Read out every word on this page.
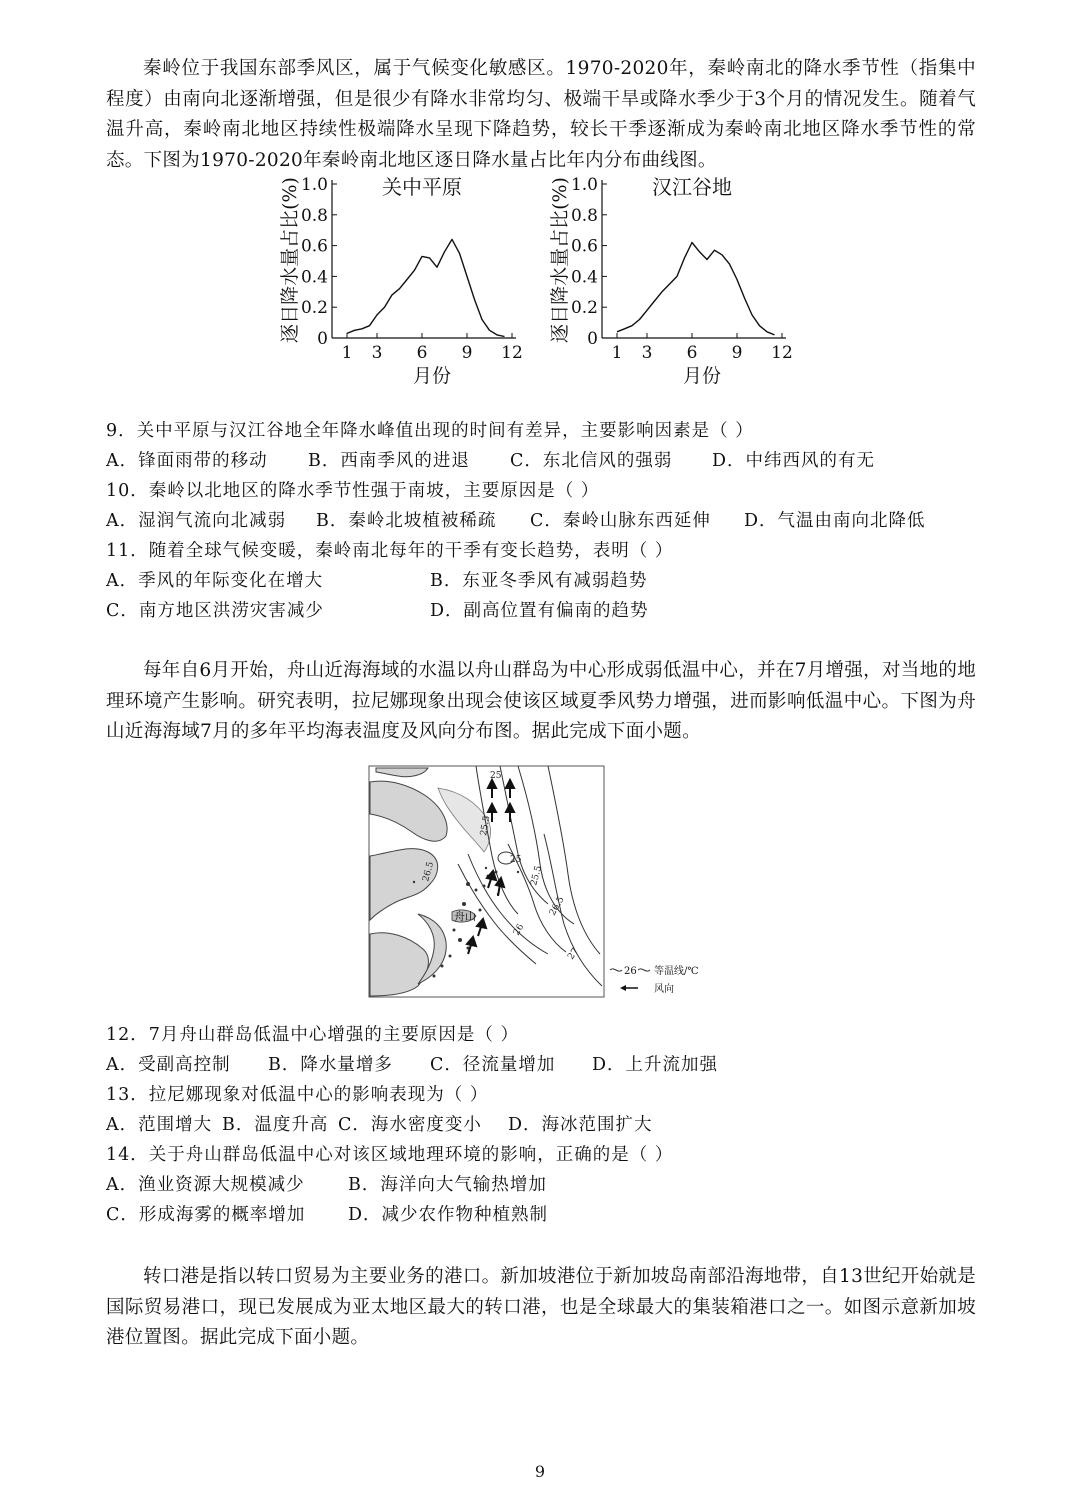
秦岭位于我国东部季风区，属于气候变化敏感区。1970-2020年，秦岭南北的降水季节性（指集中程度）由南向北逐渐增强，但是很少有降水非常均匀、极端干旱或降水季少于3个月的情况发生。随着气温升高，秦岭南北地区持续性极端降水呈现下降趋势，较长干季逐渐成为秦岭南北地区降水季节性的常态。下图为1970-2020年秦岭南北地区逐日降水量占比年内分布曲线图。

0
0.2
0.4
0.6
0.8
1.0
1 3 6 9 12
关中平原
月份
逐日降水量占比(%)	0
0.2
0.4
0.6
0.8
1.0
1 3 6 9 12
汉江谷地
月份
逐日降水量占比(%)

9．关中平原与汉江谷地全年降水峰值出现的时间有差异，主要影响因素是（ ）

A．锋面雨带的移动 B．西南季风的进退 C．东北信风的强弱 D．中纬西风的有无

10．秦岭以北地区的降水季节性强于南坡，主要原因是（ ）

A．湿润气流向北减弱 B．秦岭北坡植被稀疏 C．秦岭山脉东西延伸 D．气温由南向北降低

11．随着全球气候变暖，秦岭南北每年的干季有变长趋势，表明（ ）

A．季风的年际变化在增大	B．东亚冬季风有减弱趋势

C．南方地区洪涝灾害减少	D．副高位置有偏南的趋势

每年自6月开始，舟山近海海域的水温以舟山群岛为中心形成弱低温中心，并在7月增强，对当地的地理环境产生影响。研究表明，拉尼娜现象出现会使该区域夏季风势力增强，进而影响低温中心。下图为舟山近海海域7月的多年平均海表温度及风向分布图。据此完成下面小题。

25
25.5
25
26.5	25.5
26
26.5
27
舟山
26 等温线/℃
风向

12．7月舟山群岛低温中心增强的主要原因是（ ）

A．受副高控制 B．降水量增多 C．径流量增加 D．上升流加强

13．拉尼娜现象对低温中心的影响表现为（ ）

A．范围增大 B．温度升高 C．海水密度变小 D．海冰范围扩大

14．关于舟山群岛低温中心对该区域地理环境的影响，正确的是（ ）

A．渔业资源大规模减少 B．海洋向大气输热增加

C．形成海雾的概率增加 D．减少农作物种植熟制

转口港是指以转口贸易为主要业务的港口。新加坡港位于新加坡岛南部沿海地带，自13世纪开始就是国际贸易港口，现已发展成为亚太地区最大的转口港，也是全球最大的集装箱港口之一。如图示意新加坡港位置图。据此完成下面小题。

9
